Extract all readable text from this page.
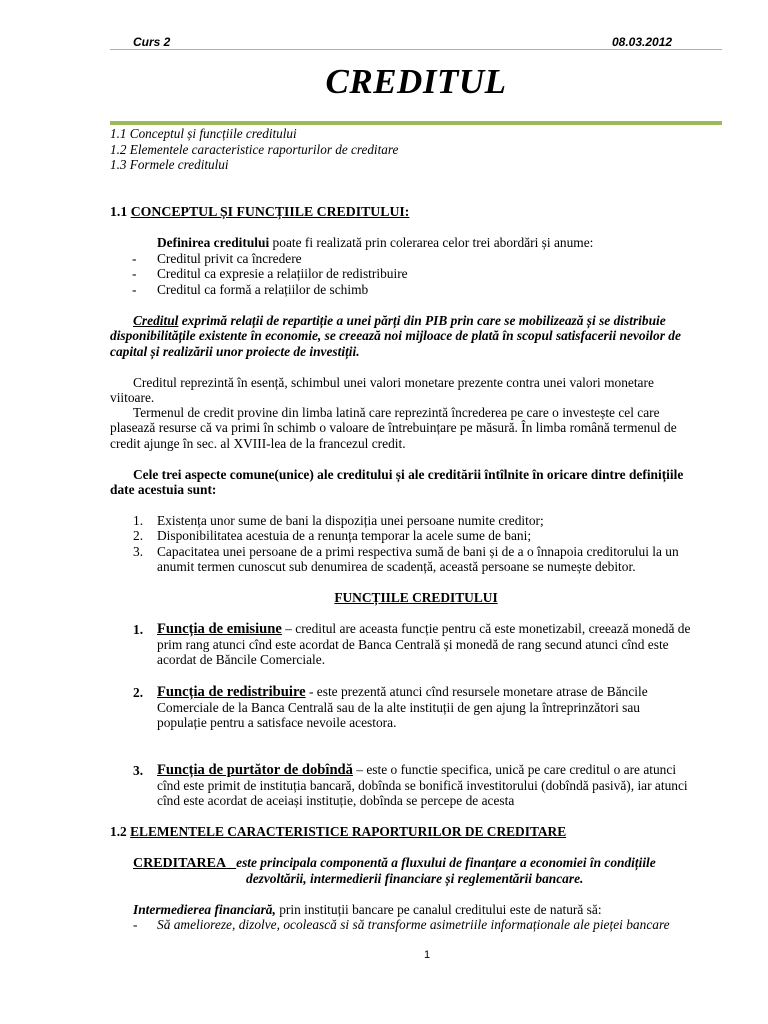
Curs 2	08.03.2012
CREDITUL
1.1 Conceptul și funcțiile creditului
1.2 Elementele caracteristice raporturilor de creditare
1.3 Formele creditului
1.1 CONCEPTUL ȘI FUNCȚIILE CREDITULUI:
Definirea creditului poate fi realizată prin colerarea celor trei abordări și anume:
- Creditul privit ca încredere
- Creditul ca expresie a relațiilor de redistribuire
- Creditul ca formă a relațiilor de schimb
Creditul exprimă relații de repartiție a unei părți din PIB prin care se mobilizează și se distribuie
disponibilitățile existente în economie, se creează noi mijloace de plată în scopul satisfacerii nevoilor de
capital și realizării unor proiecte de investiții.
Creditul reprezintă în esență, schimbul unei valori monetare prezente contra unei valori monetare
viitoare.
Termenul de credit provine din limba latină care reprezintă încrederea pe care o investește cel care
plasează resurse că va primi în schimb o valoare de întrebuințare pe măsură. În limba română termenul de
credit ajunge în sec. al XVIII-lea de la francezul credit.
Cele trei aspecte comune(unice) ale creditului și ale creditării întîlnite în oricare dintre definițiile
date acestuia sunt:
1. Existența unor sume de bani la dispoziția unei persoane numite creditor;
2. Disponibilitatea acestuia de a renunța temporar la acele sume de bani;
3. Capacitatea unei persoane de a primi respectiva sumă de bani și de a o înnapoia creditorului la un
anumit termen cunoscut sub denumirea de scadență, această persoane se numește debitor.
FUNCȚIILE CREDITULUI
1. Funcția de emisiune – creditul are aceasta funcție pentru că este monetizabil, creează monedă de
prim rang atunci cînd este acordat de Banca Centrală și monedă de rang secund atunci cînd este
acordat de Băncile Comerciale.
2. Funcția de redistribuire - este prezentă atunci cînd resursele monetare atrase de Băncile
Comerciale de la Banca Centrală sau de la alte instituții de gen ajung la întreprinzători sau
populație pentru a satisface nevoile acestora.
3. Funcția de purtător de dobîndă – este o functie specifica, unică pe care creditul o are atunci
cînd este primit de instituția bancară, dobînda se bonifică investitorului (dobîndă pasivă), iar atunci
cînd este acordat de aceiași instituție, dobînda se percepe de acesta
1.2 ELEMENTELE CARACTERISTICE RAPORTURILOR DE CREDITARE
CREDITAREA este principala componentă a fluxului de finanțare a economiei în condițiile
dezvoltării, intermedierii financiare și reglementării bancare.
Intermedierea financiară, prin instituții bancare pe canalul creditului este de natură să:
- Să amelioreze, dizolve, ocolească si să transforme asimetriile informaționale ale pieței bancare
1
